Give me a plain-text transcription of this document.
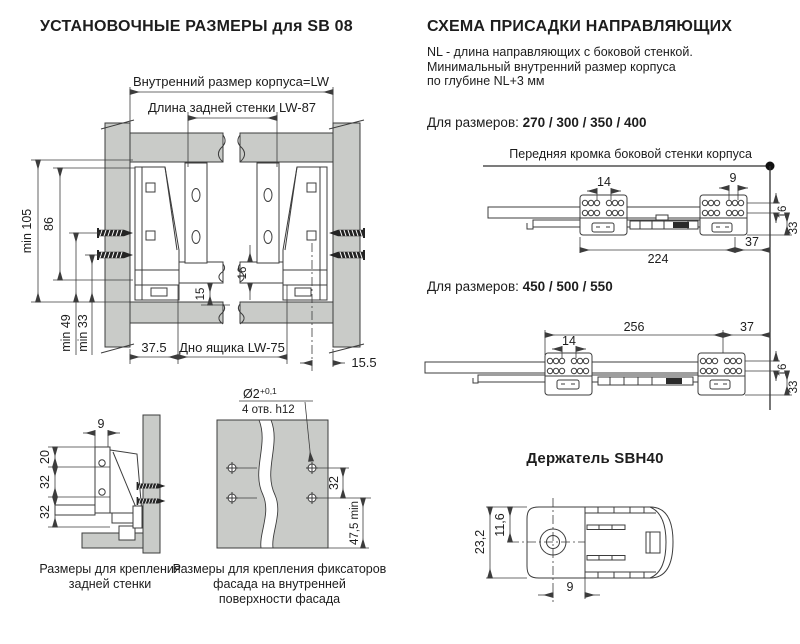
УСТАНОВОЧНЫЕ РАЗМЕРЫ для SB 08	СХЕМА ПРИСАДКИ НАПРАВЛЯЮЩИХ
NL - длина направляющих с боковой стенкой.
Минимальный внутренний размер корпуса
по глубине NL+3 мм
Для размеров: 270 / 300 / 350 / 400
Передняя кромка боковой стенки корпуса
Для размеров: 450 / 500 / 550
Держатель SBH40
Размеры для крепления
задней стенки
Размеры для крепления фиксаторов
фасада на внутренней
поверхности фасада
Внутренний размер корпуса=LW
Длина задней стенки LW-87
min 105 86
min 49 min 33
16
15
37.5 Дно ящика LW-75
15.5
9
20
32
32
Ø2 +0,1
4 отв. h12
32
47,5 min
14	9
16
33
224
37
256	37
14
16
33
23,2
11,6
9
